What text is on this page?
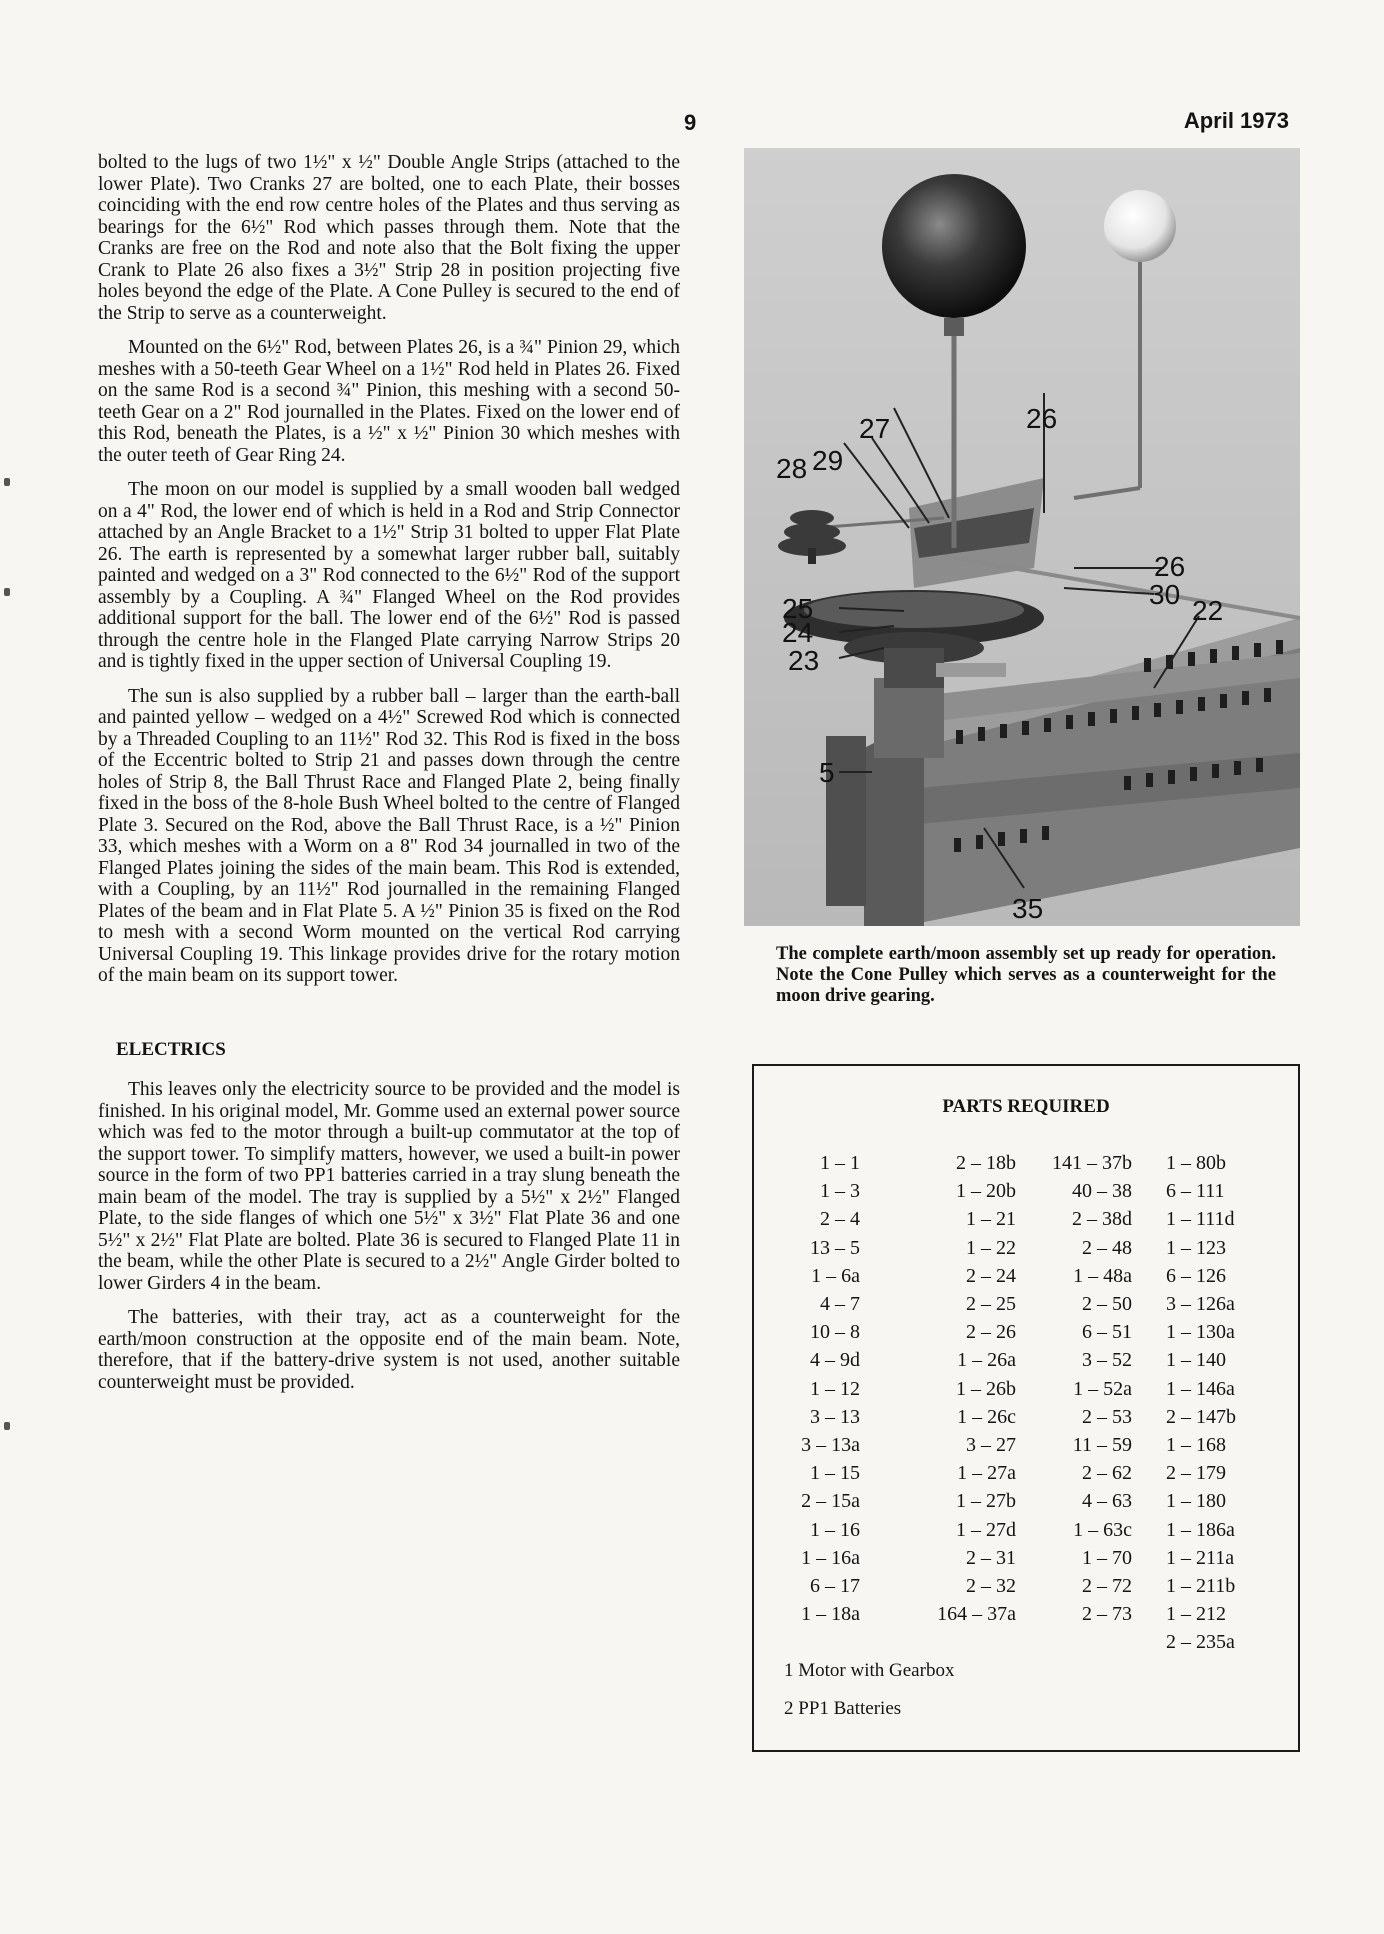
9	April 1973

bolted to the lugs of two 1½" x ½" Double Angle Strips (attached to the lower Plate). Two Cranks 27 are bolted, one to each Plate, their bosses coinciding with the end row centre holes of the Plates and thus serving as bearings for the 6½" Rod which passes through them. Note that the Cranks are free on the Rod and note also that the Bolt fixing the upper Crank to Plate 26 also fixes a 3½" Strip 28 in position projecting five holes beyond the edge of the Plate. A Cone Pulley is secured to the end of the Strip to serve as a counterweight.

Mounted on the 6½" Rod, between Plates 26, is a ¾" Pinion 29, which meshes with a 50-teeth Gear Wheel on a 1½" Rod held in Plates 26. Fixed on the same Rod is a second ¾" Pinion, this meshing with a second 50-teeth Gear on a 2" Rod journalled in the Plates. Fixed on the lower end of this Rod, beneath the Plates, is a ½" x ½" Pinion 30 which meshes with the outer teeth of Gear Ring 24.

The moon on our model is supplied by a small wooden ball wedged on a 4" Rod, the lower end of which is held in a Rod and Strip Connector attached by an Angle Bracket to a 1½" Strip 31 bolted to upper Flat Plate 26. The earth is represented by a somewhat larger rubber ball, suitably painted and wedged on a 3" Rod connected to the 6½" Rod of the support assembly by a Coupling. A ¾" Flanged Wheel on the Rod provides additional support for the ball. The lower end of the 6½" Rod is passed through the centre hole in the Flanged Plate carrying Narrow Strips 20 and is tightly fixed in the upper section of Universal Coupling 19.

The sun is also supplied by a rubber ball – larger than the earth-ball and painted yellow – wedged on a 4½" Screwed Rod which is connected by a Threaded Coupling to an 11½" Rod 32. This Rod is fixed in the boss of the Eccentric bolted to Strip 21 and passes down through the centre holes of Strip 8, the Ball Thrust Race and Flanged Plate 2, being finally fixed in the boss of the 8-hole Bush Wheel bolted to the centre of Flanged Plate 3. Secured on the Rod, above the Ball Thrust Race, is a ½" Pinion 33, which meshes with a Worm on a 8" Rod 34 journalled in two of the Flanged Plates joining the sides of the main beam. This Rod is extended, with a Coupling, by an 11½" Rod journalled in the remaining Flanged Plates of the beam and in Flat Plate 5. A ½" Pinion 35 is fixed on the Rod to mesh with a second Worm mounted on the vertical Rod carrying Universal Coupling 19. This linkage provides drive for the rotary motion of the main beam on its support tower.

ELECTRICS

This leaves only the electricity source to be provided and the model is finished. In his original model, Mr. Gomme used an external power source which was fed to the motor through a built-up commutator at the top of the support tower. To simplify matters, however, we used a built-in power source in the form of two PP1 batteries carried in a tray slung beneath the main beam of the model. The tray is supplied by a 5½" x 2½" Flanged Plate, to the side flanges of which one 5½" x 3½" Flat Plate 36 and one 5½" x 2½" Flat Plate are bolted. Plate 36 is secured to Flanged Plate 11 in the beam, while the other Plate is secured to a 2½" Angle Girder bolted to lower Girders 4 in the beam.

The batteries, with their tray, act as a counterweight for the earth/moon construction at the opposite end of the main beam. Note, therefore, that if the battery-drive system is not used, another suitable counterweight must be provided.

27	26
28 29
26
30
22
25
24
23
5
35
The complete earth/moon assembly set up ready for operation. Note the Cone Pulley which serves as a counterweight for the moon drive gearing.
PARTS REQUIRED
1 – 1
1 – 3
2 – 4
13 – 5
1 – 6a
4 – 7
10 – 8
4 – 9d
1 – 12
3 – 13
3 – 13a
1 – 15
2 – 15a
1 – 16
1 – 16a
6 – 17
1 – 18a
2 – 18b
1 – 20b
1 – 21
1 – 22
2 – 24
2 – 25
2 – 26
1 – 26a
1 – 26b
1 – 26c
3 – 27
1 – 27a
1 – 27b
1 – 27d
2 – 31
2 – 32
164 – 37a
141 – 37b
40 – 38
2 – 38d
2 – 48
1 – 48a
2 – 50
6 – 51
3 – 52
1 – 52a
2 – 53
11 – 59
2 – 62
4 – 63
1 – 63c
1 – 70
2 – 72
2 – 73
1 – 80b
6 – 111
1 – 111d
1 – 123
6 – 126
3 – 126a
1 – 130a
1 – 140
1 – 146a
2 – 147b
1 – 168
2 – 179
1 – 180
1 – 186a
1 – 211a
1 – 211b
1 – 212
2 – 235a
1 Motor with Gearbox
2 PP1 Batteries
